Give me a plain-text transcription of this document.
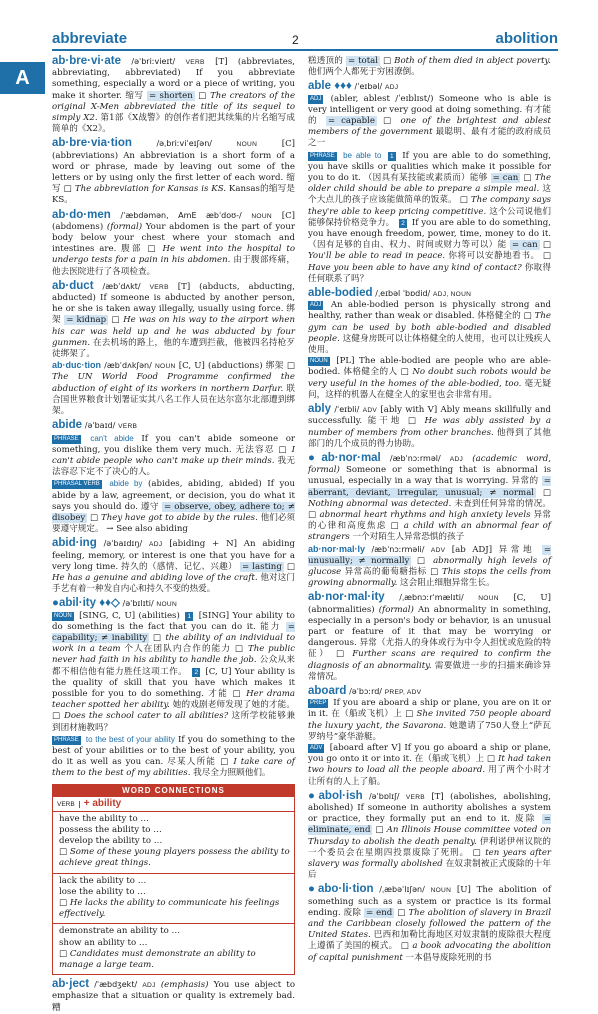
abbreviate	2	abolition
A
ab·bre·vi·ate /əˈbriːvieɪt/ VERB [T] (abbreviates, abbreviating, abbreviated) If you abbreviate something, especially a word or a piece of writing, you make it shorter. 缩写 = shorten □ The creators of the original X-Men abbreviated the title of its sequel to simply X2. 第1部《X战警》的创作者们把其续集的片名缩写成简单的《X2》。
ab·bre·via·tion	/əˌbriːviˈeɪʃən/	NOUN [C] (abbreviations) An abbreviation is a short form of a word or phrase, made by leaving out some of the letters or by using only the first letter of each word. 缩写 □ The abbreviation for Kansas is KS. Kansas的缩写是KS。
ab·do·men /ˈæbdəmən, AmE æbˈdoʊ-/ NOUN [C] (abdomens) (formal) Your abdomen is the part of your body below your chest where your stomach and intestines are. 腹部 □ He went into the hospital to undergo tests for a pain in his abdomen. 由于腹部疼痛，他去医院进行了各项检查。
ab·duct /æbˈdʌkt/ VERB [T] (abducts, abducting, abducted) If someone is abducted by another person, he or she is taken away illegally, usually using force. 绑架 = kidnap □ He was on his way to the airport when his car was held up and he was abducted by four gunmen. 在去机场的路上，他的车遭到拦截，他被四名持枪歹徒绑架了。
ab·duc·tion /æbˈdʌkʃən/ NOUN [C, U] (abductions) 绑架 □ The UN World Food Programme confirmed the abduction of eight of its workers in northern Darfur. 联合国世界粮食计划署证实其八名工作人员在达尔富尔北部遭到绑架。
abide /əˈbaɪd/ VERB
PHRASE can't abide If you can't abide someone or something, you dislike them very much. 无法容忍 □ I can't abide people who can't make up their minds. 我无法容忍下定不了决心的人。
PHRASAL VERB abide by (abides, abiding, abided) If you abide by a law, agreement, or decision, you do what it says you should do. 遵守 = observe, obey, adhere to; ≠ disobey □ They have got to abide by the rules. 他们必须要遵守规定。 → See also abiding
abid·ing /əˈbaɪdɪŋ/ ADJ [abiding + N] An abiding feeling, memory, or interest is one that you have for a very long time. 持久的（感情、记忆、兴趣） = lasting □ He has a genuine and abiding love of the craft. 他对这门手艺有着一种发自内心和持久不变的热爱。
●abil·ity ♦♦◇ /əˈbɪlɪti/ NOUN
NOUN [SING, C, U] (abilities) 1 [SING] Your ability to do something is the fact that you can do it. 能力 = capability; ≠ inability □ the ability of an individual to work in a team 个人在团队内合作的能力 □ The public never had faith in his ability to handle the job. 公众从来都不相信他有能力胜任这项工作。 2 [C, U] Your ability is the quality of skill that you have which makes it possible for you to do something. 才能 □ Her drama teacher spotted her ability. 她的戏剧老师发现了她的才能。 □ Does the school cater to all abilities? 这所学校能够兼到团材施教吗？
PHRASE to the best of your ability If you do something to the best of your abilities or to the best of your ability, you do it as well as you can. 尽某人所能 □ I take care of them to the best of my abilities. 我尽全力照顾他们。
WORD CONNECTIONS
VERB + ability
have the ability to …
possess the ability to …
develop the ability to …
□ Some of these young players possess the ability to achieve great things.
lack the ability to …
lose the ability to …
□ He lacks the ability to communicate his feelings effectively.
demonstrate an ability to …
show an ability to …
□ Candidates must demonstrate an ability to manage a large team.
ab·ject /ˈæbdʒekt/ ADJ (emphasis) You use abject to emphasize that a situation or quality is extremely bad. 糟
糕透顶的 = total □ Both of them died in abject poverty. 他们两个人都死于穷困潦倒。
able ♦♦♦ /ˈeɪbəl/ ADJ
ADJ (abler, ablest /ˈeɪblɪst/) Someone who is able is very intelligent or very good at doing something. 有才能的 = capable □ one of the brightest and ablest members of the government 最聪明、最有才能的政府成员之一
PHRASE be able to 1 If you are able to do something, you have skills or qualities which make it possible for you to do it. （因具有某技能或素质而）能够 = can □ The older child should be able to prepare a simple meal. 这个大点儿的孩子应该能做简单的饭菜。 □ The company says they're able to keep pricing competitive. 这个公司说他们能够保持价格竞争力。 2 If you are able to do something, you have enough freedom, power, time, money to do it. （因有足够的自由、权力、时间或财力等可以）能 = can □ You'll be able to read in peace. 你将可以安静地看书。 □ Have you been able to have any kind of contact? 你取得任何联系了吗？
able-bodied /ˌeɪbəl ˈbɒdid/ ADJ, NOUN
ADJ An able-bodied person is physically strong and healthy, rather than weak or disabled. 体格健全的 □ The gym can be used by both able-bodied and disabled people. 这健身房既可以让体格健全的人使用，也可以让残疾人使用。
NOUN [PL] The able-bodied are people who are able-bodied. 体格健全的人 □ No doubt such robots would be very useful in the homes of the able-bodied, too. 毫无疑问，这样的机器人在健全人的家里也会非常有用。
ably /ˈeɪbli/ ADV [ably with V] Ably means skillfully and successfully. 能干地 □ He was ably assisted by a number of members from other branches. 他得到了其他部门的几个成员的得力协助。
●ab·nor·mal /æbˈnɔːrməl/ ADJ (academic word, formal) Someone or something that is abnormal is unusual, especially in a way that is worrying. 异常的 = aberrant, deviant, irregular, unusual; ≠ normal □ Nothing abnormal was detected. 未查到任何异常的情况。 □ abnormal heart rhythms and high anxiety levels 异常的心律和高度焦虑 □ a child with an abnormal fear of strangers 一个对陌生人异常恐惧的孩子
ab·nor·mal·ly /æbˈnɔːrməli/ ADV [ab ADJ] 异常地 = unusually; ≠ normally □ abnormally high levels of glucose 异常高的葡萄糖指标 □ This stops the cells from growing abnormally. 这会阻止细胞异常生长。
ab·nor·mal·ity /ˌæbnɔːrˈmælɪti/ NOUN [C, U] (abnormalities) (formal) An abnormality in something, especially in a person's body or behavior, is an unusual part or feature of it that may be worrying or dangerous. 异常（尤指人的身体或行为中令人担忧或危险的特征） □ Further scans are required to confirm the diagnosis of an abnormality. 需要做进一步的扫描来确诊异常情况。
aboard /əˈbɔːrd/ PREP, ADV
PREP If you are aboard a ship or plane, you are on it or in it. 在（船或飞机）上 □ She invited 750 people aboard the luxury yacht, the Savarona. 她邀请了750人登上“萨瓦罗纳号”豪华游艇。
ADV [aboard after V] If you go aboard a ship or plane, you go onto it or into it. 在（船或飞机）上 □ It had taken two hours to load all the people aboard. 用了两个小时才让所有的人上了船。
●abol·ish /əˈbɒlɪʃ/ VERB [T] (abolishes, abolishing, abolished) If someone in authority abolishes a system or practice, they formally put an end to it. 废除 = eliminate, end □ An Illinois House committee voted on Thursday to abolish the death penalty. 伊利诺伊州议院的一个委员会在星期四投票废除了死刑。 □ ten years after slavery was formally abolished 在奴隶制被正式废除的十年后
●abo·li·tion /ˌæbəˈlɪʃən/ NOUN [U] The abolition of something such as a system or practice is its formal ending. 废除 = end □ The abolition of slavery in Brazil and the Caribbean closely followed the pattern of the United States. 巴西和加勒比海地区对奴隶制的废除很大程度上遵循了美国的模式。 □ a book advocating the abolition of capital punishment 一本倡导废除死刑的书
